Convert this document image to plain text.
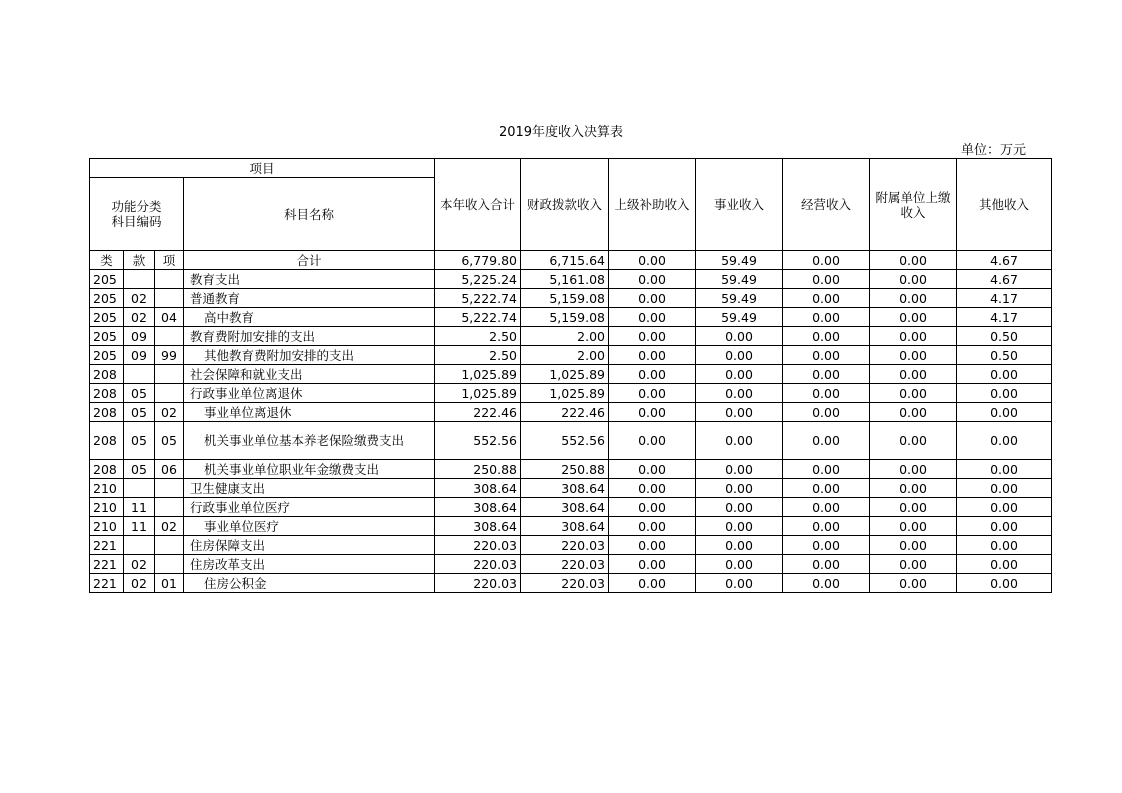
2019年度收入决算表
单位：万元
项目				本年收入合计	财政拨款收入	上级补助收入	事业收入	经营收入	附属单位上缴收入	其他收入
功能分类
科目编码			科目名称							
类	款	项	合计	6,779.80	6,715.64	0.00	59.49	0.00	0.00	4.67
205			教育支出	5,225.24	5,161.08	0.00	59.49	0.00	0.00	4.67
205	02		普通教育	5,222.74	5,159.08	0.00	59.49	0.00	0.00	4.17
205	02	04	高中教育	5,222.74	5,159.08	0.00	59.49	0.00	0.00	4.17
205	09		教育费附加安排的支出	2.50	2.00	0.00	0.00	0.00	0.00	0.50
205	09	99	其他教育费附加安排的支出	2.50	2.00	0.00	0.00	0.00	0.00	0.50
208			社会保障和就业支出	1,025.89	1,025.89	0.00	0.00	0.00	0.00	0.00
208	05		行政事业单位离退休	1,025.89	1,025.89	0.00	0.00	0.00	0.00	0.00
208	05	02	事业单位离退休	222.46	222.46	0.00	0.00	0.00	0.00	0.00
208	05	05	机关事业单位基本养老保险缴费支出	552.56	552.56	0.00	0.00	0.00	0.00	0.00
208	05	06	机关事业单位职业年金缴费支出	250.88	250.88	0.00	0.00	0.00	0.00	0.00
210			卫生健康支出	308.64	308.64	0.00	0.00	0.00	0.00	0.00
210	11		行政事业单位医疗	308.64	308.64	0.00	0.00	0.00	0.00	0.00
210	11	02	事业单位医疗	308.64	308.64	0.00	0.00	0.00	0.00	0.00
221			住房保障支出	220.03	220.03	0.00	0.00	0.00	0.00	0.00
221	02		住房改革支出	220.03	220.03	0.00	0.00	0.00	0.00	0.00
221	02	01	住房公积金	220.03	220.03	0.00	0.00	0.00	0.00	0.00
